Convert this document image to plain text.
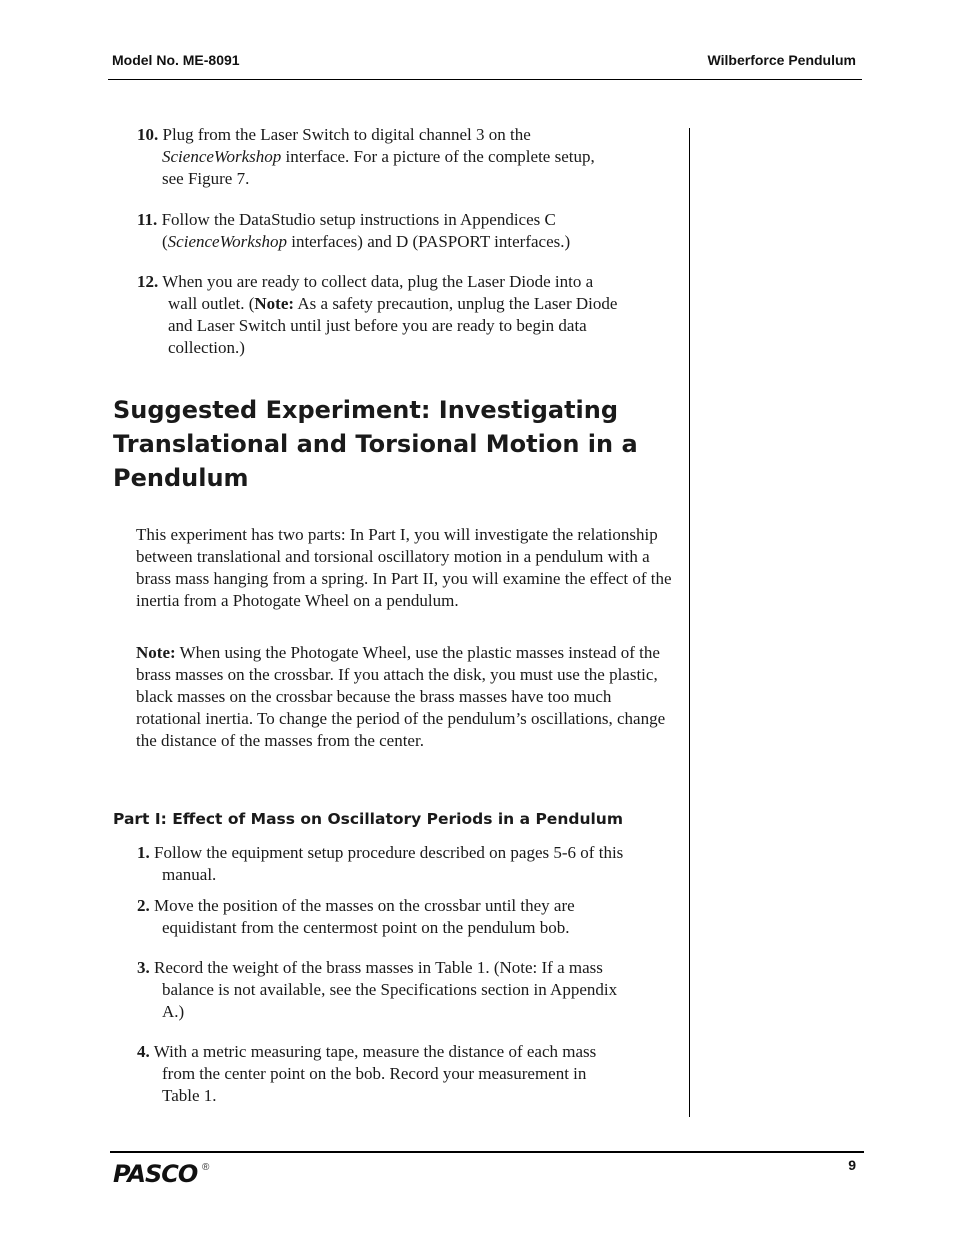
Model No. ME-8091	Wilberforce Pendulum
10. Plug from the Laser Switch to digital channel 3 on the
ScienceWorkshop interface. For a picture of the complete setup,
see Figure 7.
11. Follow the DataStudio setup instructions in Appendices C
(ScienceWorkshop interfaces) and D (PASPORT interfaces.)
12. When you are ready to collect data, plug the Laser Diode into a
wall outlet. (Note: As a safety precaution, unplug the Laser Diode
and Laser Switch until just before you are ready to begin data
collection.)
Suggested Experiment: Investigating
Translational and Torsional Motion in a
Pendulum
This experiment has two parts: In Part I, you will investigate the relationship between translational and torsional oscillatory motion in a pendulum with a brass mass hanging from a spring. In Part II, you will examine the effect of the inertia from a Photogate Wheel on a pendulum.
Note: When using the Photogate Wheel, use the plastic masses instead of the brass masses on the crossbar. If you attach the disk, you must use the plastic, black masses on the crossbar because the brass masses have too much rotational inertia. To change the period of the pendulum’s oscillations, change the distance of the masses from the center.
Part I: Effect of Mass on Oscillatory Periods in a Pendulum
1. Follow the equipment setup procedure described on pages 5-6 of this
manual.
2. Move the position of the masses on the crossbar until they are
equidistant from the centermost point on the pendulum bob.
3. Record the weight of the brass masses in Table 1. (Note: If a mass
balance is not available, see the Specifications section in Appendix
A.)
4. With a metric measuring tape, measure the distance of each mass
from the center point on the bob. Record your measurement in
Table 1.
PASCO ®	9
